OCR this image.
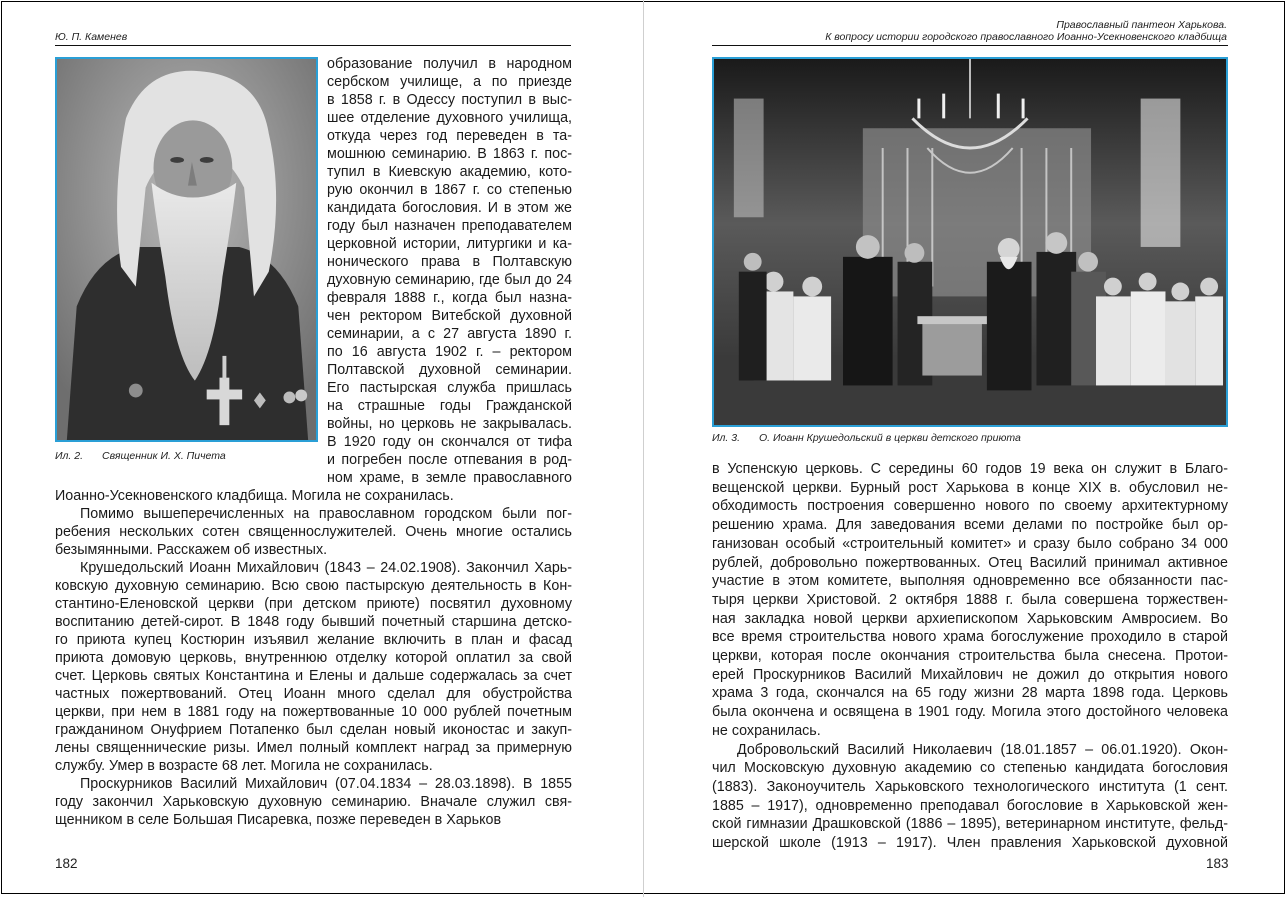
Ю. П. Каменев
Ил. 2. Священник И. Х. Пичета
образование получил в народном
сербском училище, а по приезде
в 1858 г. в Одессу поступил в выс-
шее отделение духовного училища,
откуда через год переведен в та-
мошнюю семинарию. В 1863 г. пос-
тупил в Киевскую академию, кото-
рую окончил в 1867 г. со степенью
кандидата богословия. И в этом же
году был назначен преподавателем
церковной истории, литургики и ка-
нонического права в Полтавскую
духовную семинарию, где был до 24
февраля 1888 г., когда был назна-
чен ректором Витебской духовной
семинарии, а с 27 августа 1890 г.
по 16 августа 1902 г. – ректором
Полтавской духовной семинарии.
Его пастырская служба пришлась
на страшные годы Гражданской
войны, но церковь не закрывалась.
В 1920 году он скончался от тифа
и погребен после отпевания в род-
ном храме, в земле православного
Иоанно-Усекновенского кладбища. Могила не сохранилась.
Помимо вышеперечисленных на православном городском были пог-
ребения нескольких сотен священнослужителей. Очень многие остались
безымянными. Расскажем об известных.
Крушедольский Иоанн Михайлович (1843 – 24.02.1908). Закончил Харь-
ковскую духовную семинарию. Всю свою пастырскую деятельность в Кон-
стантино-Еленовской церкви (при детском приюте) посвятил духовному
воспитанию детей-сирот. В 1848 году бывший почетный старшина детско-
го приюта купец Костюрин изъявил желание включить в план и фасад
приюта домовую церковь, внутреннюю отделку которой оплатил за свой
счет. Церковь святых Константина и Елены и дальше содержалась за счет
частных пожертвований. Отец Иоанн много сделал для обустройства
церкви, при нем в 1881 году на пожертвованные 10 000 рублей почетным
гражданином Онуфрием Потапенко был сделан новый иконостас и закуп-
лены священнические ризы. Имел полный комплект наград за примерную
службу. Умер в возрасте 68 лет. Могила не сохранилась.
Проскурников Василий Михайлович (07.04.1834 – 28.03.1898). В 1855
году закончил Харьковскую духовную семинарию. Вначале служил свя-
щенником в селе Большая Писаревка, позже переведен в Харьков
182
Православный пантеон Харькова.
К вопросу истории городского православного Иоанно-Усекновенского кладбища
Ил. 3. О. Иоанн Крушедольский в церкви детского приюта
в Успенскую церковь. С середины 60 годов 19 века он служит в Благо-
вещенской церкви. Бурный рост Харькова в конце XIX в. обусловил не-
обходимость построения совершенно нового по своему архитектурному
решению храма. Для заведования всеми делами по постройке был ор-
ганизован особый «строительный комитет» и сразу было собрано 34 000
рублей, добровольно пожертвованных. Отец Василий принимал активное
участие в этом комитете, выполняя одновременно все обязанности пас-
тыря церкви Христовой. 2 октября 1888 г. была совершена торжествен-
ная закладка новой церкви архиепископом Харьковским Амвросием. Во
все время строительства нового храма богослужение проходило в старой
церкви, которая после окончания строительства была снесена. Протои-
ерей Проскурников Василий Михайлович не дожил до открытия нового
храма 3 года, скончался на 65 году жизни 28 марта 1898 года. Церковь
была окончена и освящена в 1901 году. Могила этого достойного человека
не сохранилась.
Добровольский Василий Николаевич (18.01.1857 – 06.01.1920). Окон-
чил Московскую духовную академию со степенью кандидата богословия
(1883). Законоучитель Харьковского технологического института (1 сент.
1885 – 1917), одновременно преподавал богословие в Харьковской жен-
ской гимназии Драшковской (1886 – 1895), ветеринарном институте, фельд-
шерской школе (1913 – 1917). Член правления Харьковской духовной
183
